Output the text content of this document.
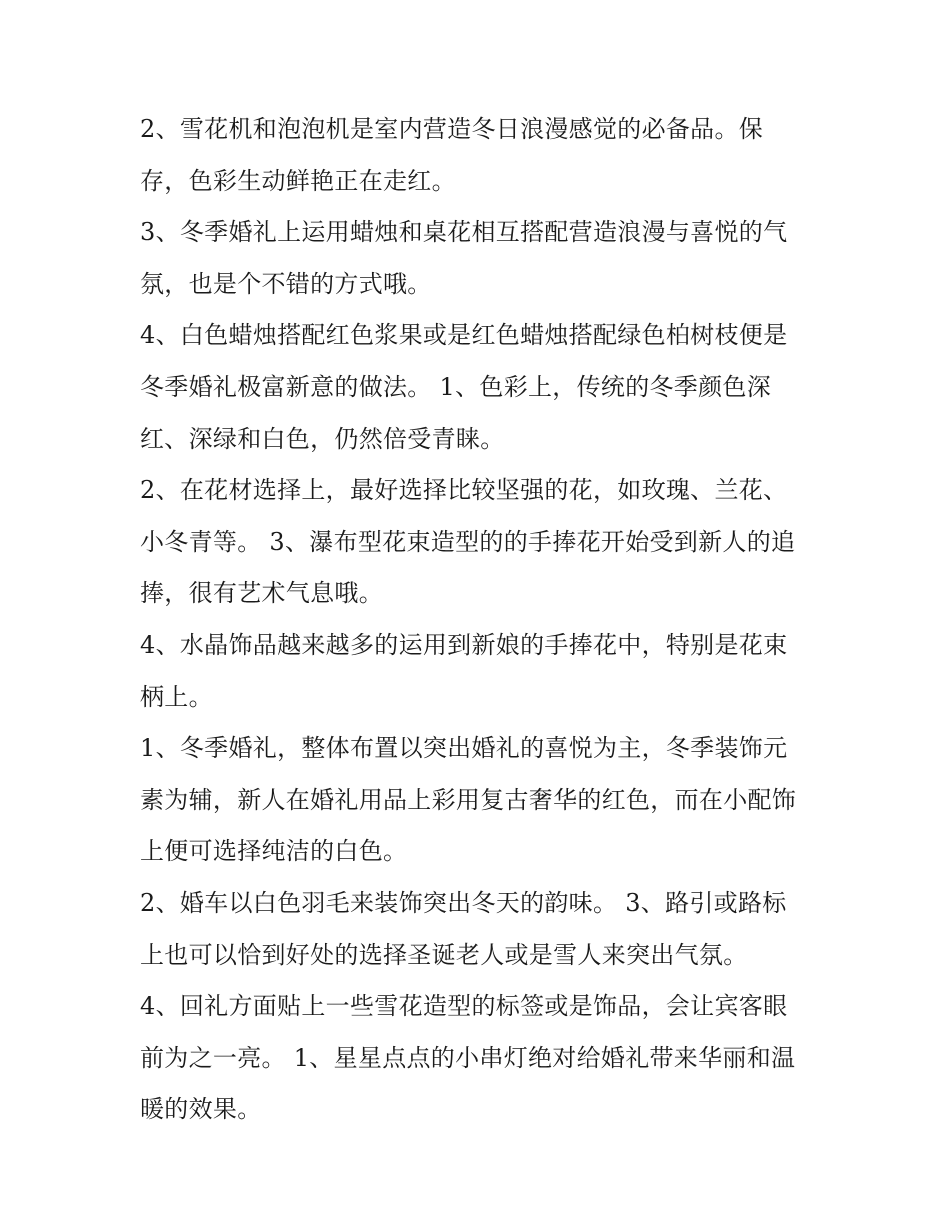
2、雪花机和泡泡机是室内营造冬日浪漫感觉的必备品。保
存，色彩生动鲜艳正在走红。
3、冬季婚礼上运用蜡烛和桌花相互搭配营造浪漫与喜悦的气
氛，也是个不错的方式哦。
4、白色蜡烛搭配红色浆果或是红色蜡烛搭配绿色柏树枝便是
冬季婚礼极富新意的做法。 1、色彩上，传统的冬季颜色深
红、深绿和白色，仍然倍受青睐。
2、在花材选择上，最好选择比较坚强的花，如玫瑰、兰花、
小冬青等。 3、瀑布型花束造型的的手捧花开始受到新人的追
捧，很有艺术气息哦。
4、水晶饰品越来越多的运用到新娘的手捧花中，特别是花束
柄上。
1、冬季婚礼，整体布置以突出婚礼的喜悦为主，冬季装饰元
素为辅，新人在婚礼用品上彩用复古奢华的红色，而在小配饰
上便可选择纯洁的白色。
2、婚车以白色羽毛来装饰突出冬天的韵味。 3、路引或路标
上也可以恰到好处的选择圣诞老人或是雪人来突出气氛。
4、回礼方面贴上一些雪花造型的标签或是饰品，会让宾客眼
前为之一亮。 1、星星点点的小串灯绝对给婚礼带来华丽和温
暖的效果。
